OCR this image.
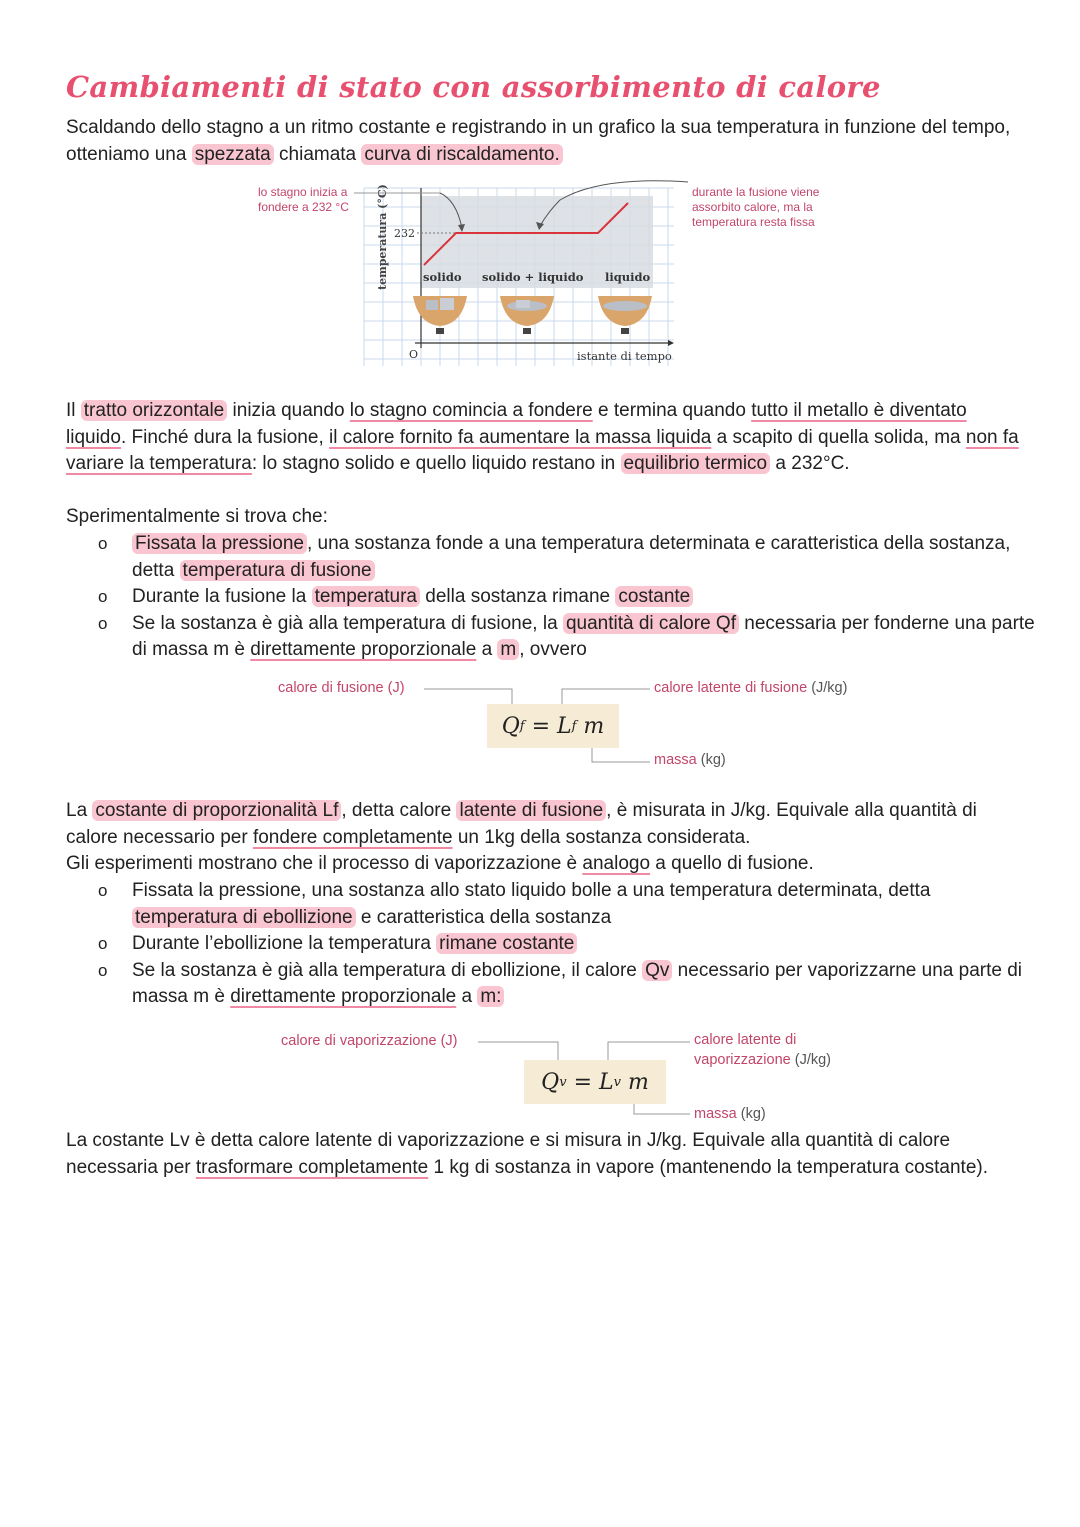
Cambiamenti di stato con assorbimento di calore
Scaldando dello stagno a un ritmo costante e registrando in un grafico la sua temperatura in funzione del tempo, otteniamo una spezzata chiamata curva di riscaldamento.
lo stagno inizia a fondere a 232 °C
durante la fusione viene assorbito calore, ma la temperatura resta fissa
temperatura (°C) 232
O	istante di tempo
solido solido + liquido liquido
Il tratto orizzontale inizia quando lo stagno comincia a fondere e termina quando tutto il metallo è diventato liquido. Finché dura la fusione, il calore fornito fa aumentare la massa liquida a scapito di quella solida, ma non fa variare la temperatura: lo stagno solido e quello liquido restano in equilibrio termico a 232°C.
Sperimentalmente si trova che:
o Fissata la pressione , una sostanza fonde a una temperatura determinata e caratteristica della sostanza, detta temperatura di fusione
o Durante la fusione la temperatura della sostanza rimane costante
o Se la sostanza è già alla temperatura di fusione, la quantità di calore Qf necessaria per fonderne una parte di massa m è direttamente proporzionale a m , ovvero
calore di fusione (J)	calore latente di fusione (J/kg)
massa (kg)
Q f = L f m
La costante di proporzionalità Lf , detta calore latente di fusione , è misurata in J/kg. Equivale alla quantità di calore necessario per fondere completamente un 1kg della sostanza considerata.
Gli esperimenti mostrano che il processo di vaporizzazione è analogo a quello di fusione.
o Fissata la pressione, una sostanza allo stato liquido bolle a una temperatura determinata, detta temperatura di ebollizione e caratteristica della sostanza
o Durante l’ebollizione la temperatura rimane costante
o Se la sostanza è già alla temperatura di ebollizione, il calore Qv necessario per vaporizzarne una parte di massa m è direttamente proporzionale a m:
calore di vaporizzazione (J)	calore latente di
vaporizzazione (J/kg)
massa (kg)
Q v = L v m
La costante Lv è detta calore latente di vaporizzazione e si misura in J/kg. Equivale alla quantità di calore necessaria per trasformare completamente 1 kg di sostanza in vapore (mantenendo la temperatura costante).
